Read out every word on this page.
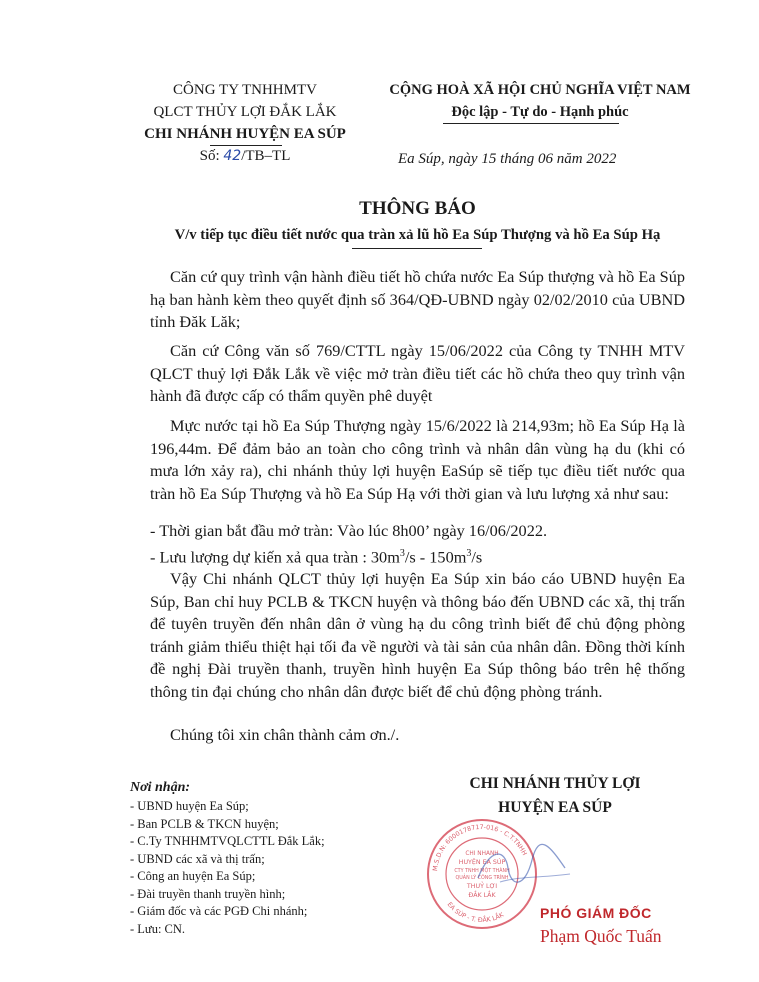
CÔNG TY TNHHMTV
QLCT THỦY LỢI ĐẮK LẮK
CHI NHÁNH HUYỆN EA SÚP
Số: 42/TB–TL
CỘNG HOÀ XÃ HỘI CHỦ NGHĨA VIỆT NAM
Độc lập - Tự do - Hạnh phúc
Ea Súp, ngày 15 tháng 06 năm 2022
THÔNG BÁO
V/v tiếp tục điều tiết nước qua tràn xả lũ hồ Ea Súp Thượng và hồ Ea Súp Hạ
Căn cứ quy trình vận hành điều tiết hồ chứa nước Ea Súp thượng và hồ Ea Súp hạ ban hành kèm theo quyết định số 364/QĐ-UBND ngày 02/02/2010 của UBND tỉnh Đăk Lăk;
Căn cứ Công văn số 769/CTTL ngày 15/06/2022 của Công ty TNHH MTV QLCT thuỷ lợi Đắk Lắk về việc mở tràn điều tiết các hồ chứa theo quy trình vận hành đã được cấp có thẩm quyền phê duyệt
Mực nước tại hồ Ea Súp Thượng ngày 15/6/2022 là 214,93m; hồ Ea Súp Hạ là 196,44m. Để đảm bảo an toàn cho công trình và nhân dân vùng hạ du (khi có mưa lớn xảy ra), chi nhánh thủy lợi huyện EaSúp sẽ tiếp tục điều tiết nước qua tràn hồ Ea Súp Thượng và hồ Ea Súp Hạ với thời gian và lưu lượng xả như sau:
- Thời gian bắt đầu mở tràn: Vào lúc 8h00’ ngày 16/06/2022.
- Lưu lượng dự kiến xả qua tràn : $30m^3/s - 150m^3/s$
Vậy Chi nhánh QLCT thủy lợi huyện Ea Súp xin báo cáo UBND huyện Ea Súp, Ban chỉ huy PCLB & TKCN huyện và thông báo đến UBND các xã, thị trấn để tuyên truyền đến nhân dân ở vùng hạ du công trình biết để chủ động phòng tránh giảm thiểu thiệt hại tối đa về người và tài sản của nhân dân. Đồng thời kính đề nghị Đài truyền thanh, truyền hình huyện Ea Súp thông báo trên hệ thống thông tin đại chúng cho nhân dân được biết để chủ động phòng tránh.
Chúng tôi xin chân thành cảm ơn./.
Nơi nhận:
- UBND huyện Ea Súp;
- Ban PCLB & TKCN huyện;
- C.Ty TNHHMTVQLCTTL Đắk Lắk;
- UBND các xã và thị trấn;
- Công an huyện Ea Súp;
- Đài truyền thanh truyền hình;
- Giám đốc và các PGĐ Chi nhánh;
- Lưu: CN.
CHI NHÁNH THỦY LỢI
HUYỆN EA SÚP
M.S.D.N: 6000178717-016 - C.T.TNHH
EA SÚP - T. ĐẮK LẮK
CHI NHÁNH
HUYỆN EA SÚP
CTY TNHH MỘT THÀNH
QUẢN LÝ CÔNG TRÌNH
THUỶ LỢI
ĐẮK LẮK
PHÓ GIÁM ĐỐC
Phạm Quốc Tuấn
